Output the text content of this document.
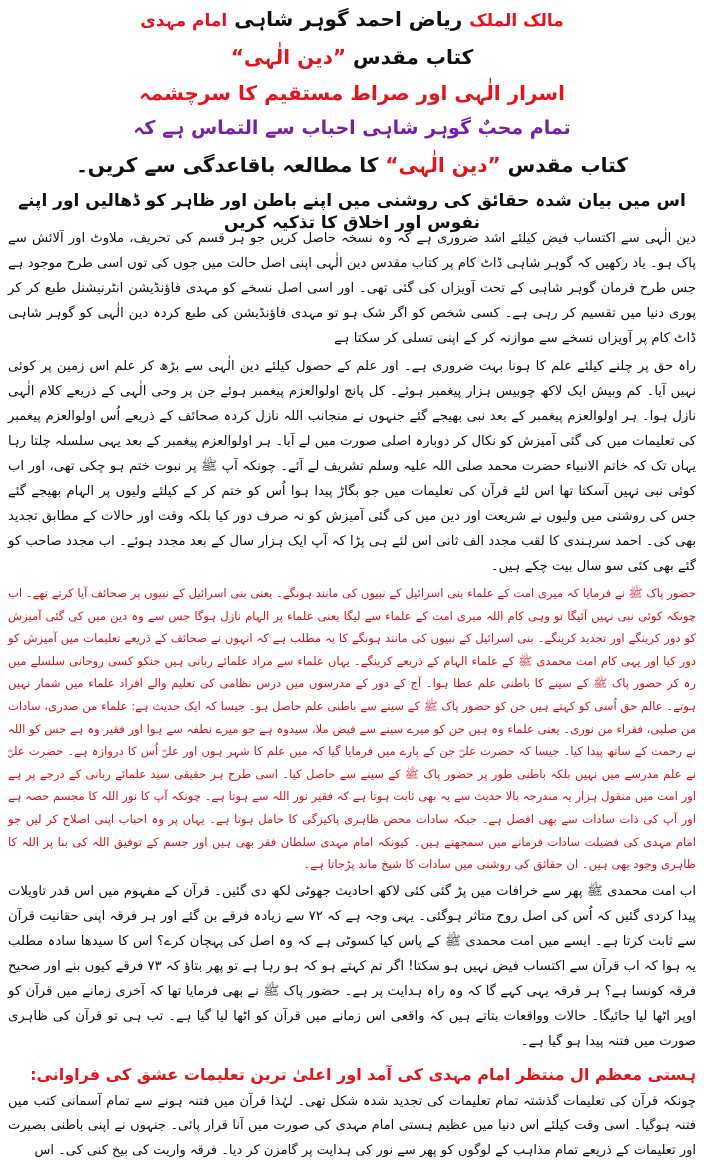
مالک الملک ریاض احمد گوہر شاہی امام مہدی
کتاب مقدس ”دین الٰہی“
اسرار الٰہی اور صراط مستقیم کا سرچشمہ
تمام محبٌ گوہر شاہی احباب سے التماس ہے کہ
کتاب مقدس ”دین الٰہی“ کا مطالعہ باقاعدگی سے کریں۔
اس میں بیان شدہ حقائق کی روشنی میں اپنے باطن اور ظاہر کو ڈھالیں اور اپنے نفوس اور اخلاق کا تذکیہ کریں

دین الٰہی سے اکتساب فیض کیلئے اشد ضروری ہے کہ وہ نسخہ حاصل کریں جو ہر قسم کی تحریف، ملاوٹ اور آلائش سے پاک ہو۔ یاد رکھیں کہ گوہر شاہی ڈاٹ کام پر کتاب مقدس دین الٰہی اپنی اصل حالت میں جوں کی توں اسی طرح موجود ہے جس طرح فرمان گوہر شاہی کے تحت آویزاں کی گئی تھی۔ اور اسی اصل نسخے کو مہدی فاؤنڈیشن انٹرنیشنل طبع کر کر پوری دنیا میں تقسیم کر رہی ہے۔ کسی شخص کو اگر شک ہو تو مہدی فاؤنڈیشن کی طبع کردہ دین الٰہی کو گوہر شاہی ڈاٹ کام پر آویزاں نسخے سے موازنہ کر کے اپنی تسلی کر سکتا ہے

راہ حق پر چلنے کیلئے علم کا ہونا بہت ضروری ہے۔ اور علم کے حصول کیلئے دین الٰہی سے بڑھ کر علم اس زمین پر کوئی نہیں آیا۔ کم وبیش ایک لاکھ چوبیس ہزار پیغمبر ہوئے۔ کل پانچ اولوالعزم پیغمبر ہوئے جن پر وحی الٰہی کے ذریعے کلام الٰہی نازل ہوا۔ ہر اولوالعزم پیغمبر کے بعد نبی بھیجے گئے جنہوں نے منجانب اللہ نازل کردہ صحائف کے ذریعے اُس اولوالعزم پیغمبر کی تعلیمات میں کی گئی آمیزش کو نکال کر دوبارہ اصلی صورت میں لے آیا۔ ہر اولوالعزم پیغمبر کے بعد یہی سلسلہ چلتا رہا یہاں تک کہ خاتم الانبیاء حضرت محمد صلی اللہ علیہ وسلم تشریف لے آئے۔ چونکہ آپ ﷺ پر نبوت ختم ہو چکی تھی، اور اب کوئی نبی نہیں آسکتا تھا اس لئے قرآن کی تعلیمات میں جو بگاڑ پیدا ہوا اُس کو ختم کر کے کیلئے ولیوں پر الہام بھیجے گئے جس کی روشنی میں ولیوں نے شریعت اور دین میں کی گئی آمیزش کو نہ صرف دور کیا بلکہ وقت اور حالات کے مطابق تجدید بھی کی۔ احمد سرہندی کا لقب مجدد الف ثانی اس لئے ہی پڑا کہ آپ ایک ہزار سال کے بعد مجدد ہوئے۔ اب مجدد صاحب کو گئے بھی کئی سو سال بیت چکے ہیں۔

حضور پاک ﷺ نے فرمایا کہ میری امت کے علماء بنی اسرائیل کے نبیوں کی مانند ہونگے۔ یعنی بنی اسرائیل کے نبیوں پر صحائف آیا کرتے تھے۔ اب چونکہ کوئی نبی نہیں آئیگا تو وہی کام اللہ میری امت کے علماء سے لیگا یعنی علماء پر الہام نازل ہوگا جس سے وہ دین میں کی گئی آمیزش کو دور کرینگے اور تجدید کرینگے۔ بنی اسرائیل کے نبیوں کی مانند ہونگے کا یہ مطلب ہے کہ انہوں نے صحائف کے ذریعے تعلیمات میں آمیزش کو دور کیا اور یہی کام امت محمدی ﷺ کے علماء الہام کے ذریعے کرینگے۔ یہاں علماء سے مراد علمائے ربانی ہیں جنکو کسی روحانی سلسلے میں رہ کر حضور پاک ﷺ کے سینے کا باطنی علم عطا ہوا۔ آج کے دور کے مدرسوں میں درس نظامی کی تعلیم والے افراد علماء میں شمار نہیں ہوتے۔ عالم حق اُسی کو کہتے ہیں جن کو حضور پاک ﷺ کے سینے سے باطنی علم حاصل ہو۔ جیسا کہ ایک حدیث ہے: علماء من صدری، سادات من صلبی، فقراء من نوری۔ یعنی علماء وہ ہیں جن کو میرے سینے سے فیض ملا، سیدوہ ہے جو میرے نطفہ سے ہوا اور فقیر وہ ہے جس کو اللہ نے رحمت کے ساتھ پیدا کیا۔ جیسا کہ حضرت علیؓ جن کے بارے میں فرمایا گیا کہ میں علم کا شہر ہوں اور علیؓ اُس کا دروازہ ہے۔ حضرت علیؓ نے علم مدرسے میں نہیں بلکہ باطنی طور پر حضور پاک ﷺ کے سینے سے حاصل کیا۔ اسی طرح ہر حقیقی سید علمائے ربانی کے درجے پر ہے اور امت میں منقول ہزار یہ مندرجہ بالا حدیث سے یہ بھی ثابت ہوتا ہے کہ فقیر نور اللہ سے ہوتا ہے۔ چونکہ آپ کا نور اللہ کا مجسم حصہ ہے اور آپ کی ذات سادات سے بھی افضل ہے۔ جبکہ سادات محض ظاہری پاکیزگی کا حامل ہوتا ہے۔ یہاں پر وہ احباب اپنی اصلاح کر لیں جو امام مہدی کی فضیلت سادات فرمانے میں سمجھتے ہیں۔ کیونکہ امام مہدی سلطان فقر بھی ہیں اور جسم کے توفیق اللہ کی بنا پر اللہ کا ظاہری وجود بھی ہیں۔ ان حقائق کی روشنی میں سادات کا شیخ ماند پڑجاتا ہے۔

اب امت محمدی ﷺ پھر سے خرافات میں پڑ گئی کئی لاکھ احادیث جھوٹی لکھ دی گئیں۔ قرآن کے مفہوم میں اس قدر تاویلات پیدا کردی گئیں کہ اُس کی اصل روح متاثر ہوگئی۔ یہی وجہ ہے کہ ۷۲ سے زیادہ فرقے بن گئے اور ہر فرقہ اپنی حقانیت قرآن سے ثابت کرتا ہے۔ ایسے میں امت محمدی ﷺ کے پاس کیا کسوٹی ہے کہ وہ اصل کی پہچان کرے؟ اس کا سیدھا سادہ مطلب یہ ہوا کہ اب قرآن سے اکتساب فیض نہیں ہو سکتا! اگر تم کہتے ہو کہ ہو رہا ہے تو پھر بتاؤ کہ ۷۳ فرقے کیوں بنے اور صحیح فرقہ کونسا ہے؟ ہر فرقہ یہی کہے گا کہ وہ راہ ہدایت پر ہے۔ حضور پاک ﷺ نے بھی فرمایا تھا کہ آخری زمانے میں قرآن کو اوپر اٹھا لیا جائیگا۔ حالات وواقعات بتاتے ہیں کہ واقعی اس زمانے میں قرآن کو اٹھا لیا گیا ہے۔ تب ہی تو قرآن کی ظاہری صورت میں فتنہ پیدا ہو گیا ہے۔

ہستی معظم ال منتظر امام مہدی کی آمد اور اعلیٰ ترین تعلیمات عشق کی فراوانی:

چونکہ قرآن کی تعلیمات گذشتہ تمام تعلیمات کی تجدید شدہ شکل تھی۔ لہٰذا قرآن میں فتنہ ہونے سے تمام آسمانی کتب میں فتنہ ہوگیا۔ اسی وقت کیلئے اس دنیا میں عظیم ہستی امام مہدی کی صورت میں آنا قرار پائی۔ جنہوں نے اپنی باطنی بصیرت اور تعلیمات کے ذریعے تمام مذاہب کے لوگوں کو پھر سے نور کی ہدایت پر گامزن کر دیا۔ فرقہ واریت کی بیخ کنی کی۔ اس
